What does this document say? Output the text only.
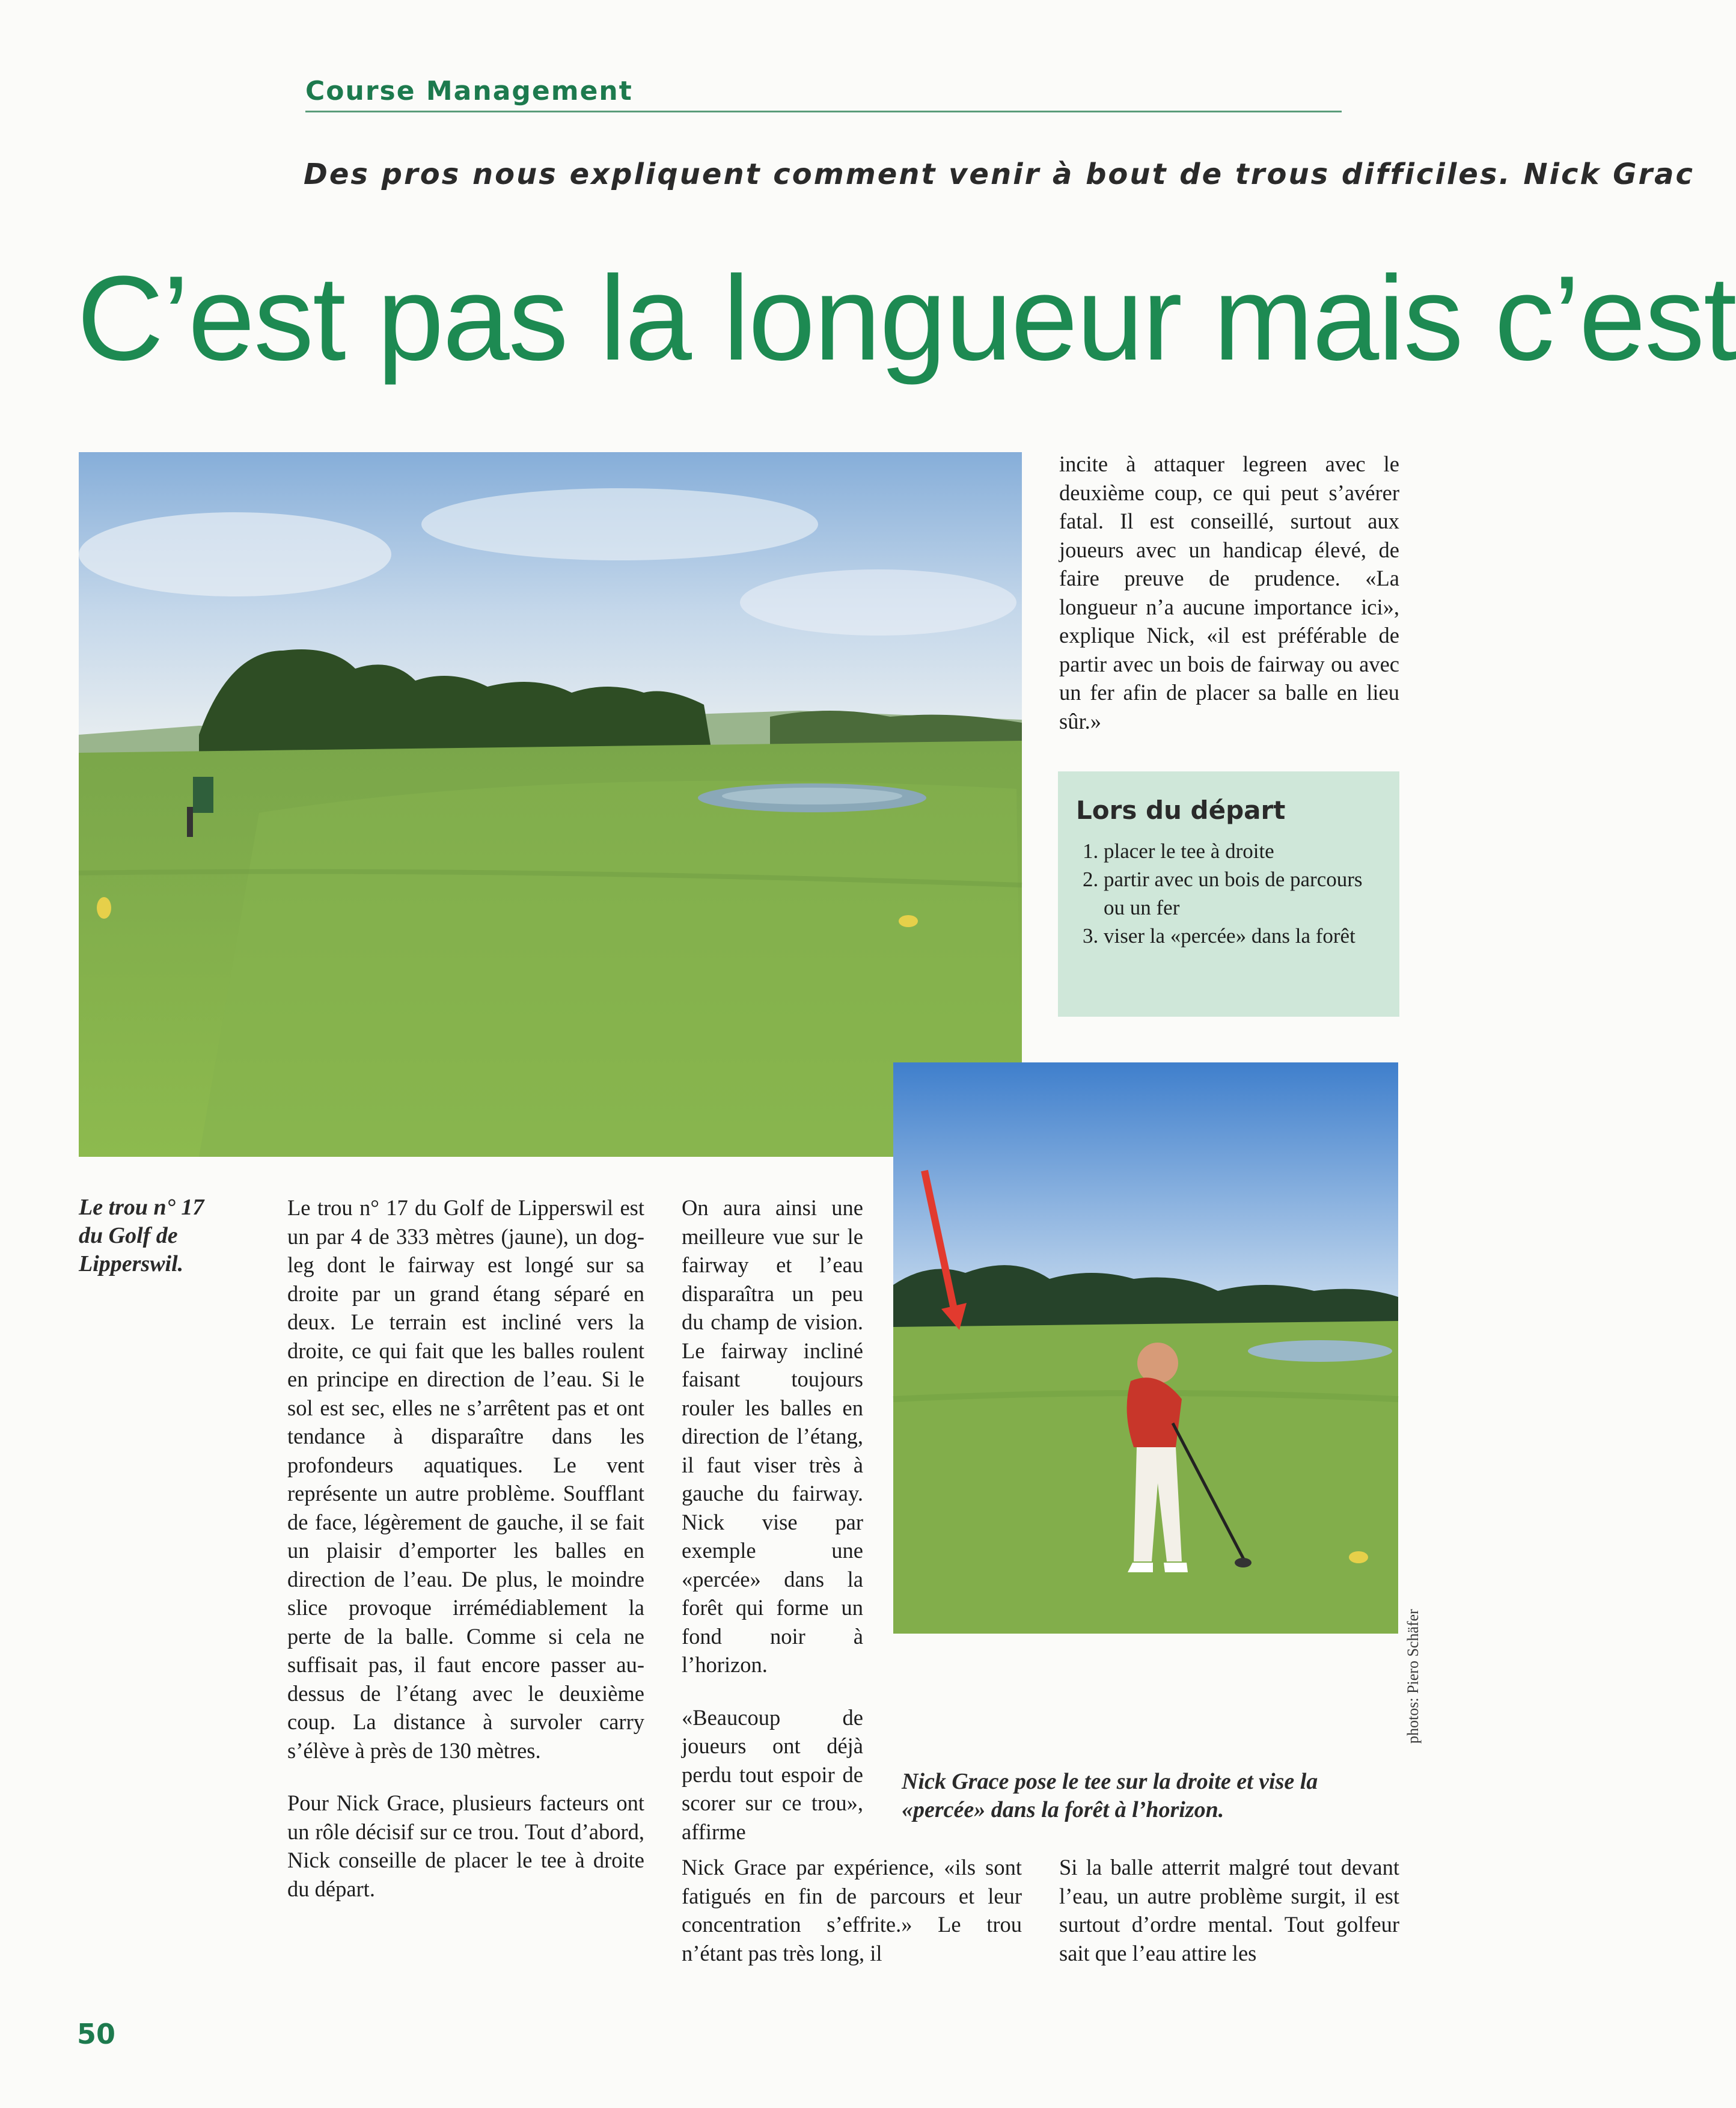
Course Management
Des pros nous expliquent comment venir à bout de trous difficiles. Nick Grac
C’est pas la longueur mais c’est

incite à attaquer legreen avec le deuxième coup, ce qui peut s’avérer fatal. Il est conseillé, surtout aux joueurs avec un handicap élevé, de faire preuve de prudence. «La longueur n’a aucune importance ici», explique Nick, «il est préférable de partir avec un bois de fairway ou avec un fer afin de placer sa balle en lieu sûr.»

Lors du départ
1. placer le tee à droite
2. partir avec un bois de parcours ou un fer
3. viser la «percée» dans la forêt
Le trou n° 17 du Golf de Lipperswil.
Nick Grace pose le tee sur la droite et vise la «percée» dans la forêt à l’horizon.

Le trou n° 17 du Golf de Lipperswil est un par 4 de 333 mètres (jaune), un dog-leg dont le fairway est longé sur sa droite par un grand étang séparé en deux. Le terrain est incliné vers la droite, ce qui fait que les balles roulent en principe en direction de l’eau. Si le sol est sec, elles ne s’arrêtent pas et ont tendance à disparaître dans les profondeurs aquatiques. Le vent représente un autre problème. Soufflant de face, légèrement de gauche, il se fait un plaisir d’emporter les balles en direction de l’eau. De plus, le moindre slice provoque irrémédiablement la perte de la balle. Comme si cela ne suffisait pas, il faut encore passer au-dessus de l’étang avec le deuxième coup. La distance à survoler carry s’élève à près de 130 mètres.

Pour Nick Grace, plusieurs facteurs ont un rôle décisif sur ce trou. Tout d’abord, Nick conseille de placer le tee à droite du départ.

On aura ainsi une meilleure vue sur le fairway et l’eau disparaîtra un peu du champ de vision. Le fairway incliné faisant toujours rouler les balles en direction de l’étang, il faut viser très à gauche du fairway. Nick vise par exemple une «percée» dans la forêt qui forme un fond noir à l’horizon.

«Beaucoup de joueurs ont déjà perdu tout espoir de scorer sur ce trou», affirme

Nick Grace par expérience, «ils sont fatigués en fin de parcours et leur concentration s’effrite.» Le trou n’étant pas très long, il

Si la balle atterrit malgré tout devant l’eau, un autre problème surgit, il est surtout d’ordre mental. Tout golfeur sait que l’eau attire les

photos: Piero Schäfer
50
